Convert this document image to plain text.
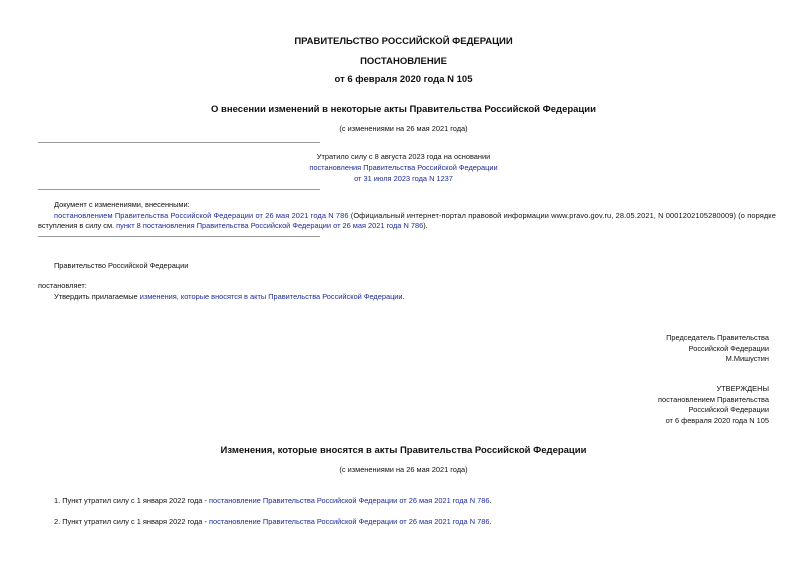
ПРАВИТЕЛЬСТВО РОССИЙСКОЙ ФЕДЕРАЦИИ
ПОСТАНОВЛЕНИЕ
от 6 февраля 2020 года N 105
О внесении изменений в некоторые акты Правительства Российской Федерации
(с изменениями на 26 мая 2021 года)
Утратило силу с 8 августа 2023 года на основании
постановления Правительства Российской Федерации
от 31 июля 2023 года N 1237
Документ с изменениями, внесенными:
постановлением Правительства Российской Федерации от 26 мая 2021 года N 786 (Официальный интернет-портал правовой информации www.pravo.gov.ru, 28.05.2021, N 0001202105280009) (о порядке
вступления в силу см. пункт 8 постановления Правительства Российской Федерации от 26 мая 2021 года N 786).
Правительство Российской Федерации
постановляет:
Утвердить прилагаемые изменения, которые вносятся в акты Правительства Российской Федерации.
Председатель Правительства
Российской Федерации
М.Мишустин
УТВЕРЖДЕНЫ
постановлением Правительства
Российской Федерации
от 6 февраля 2020 года N 105
Изменения, которые вносятся в акты Правительства Российской Федерации
(с изменениями на 26 мая 2021 года)
1. Пункт утратил силу с 1 января 2022 года - постановление Правительства Российской Федерации от 26 мая 2021 года N 786.
2. Пункт утратил силу с 1 января 2022 года - постановление Правительства Российской Федерации от 26 мая 2021 года N 786.
